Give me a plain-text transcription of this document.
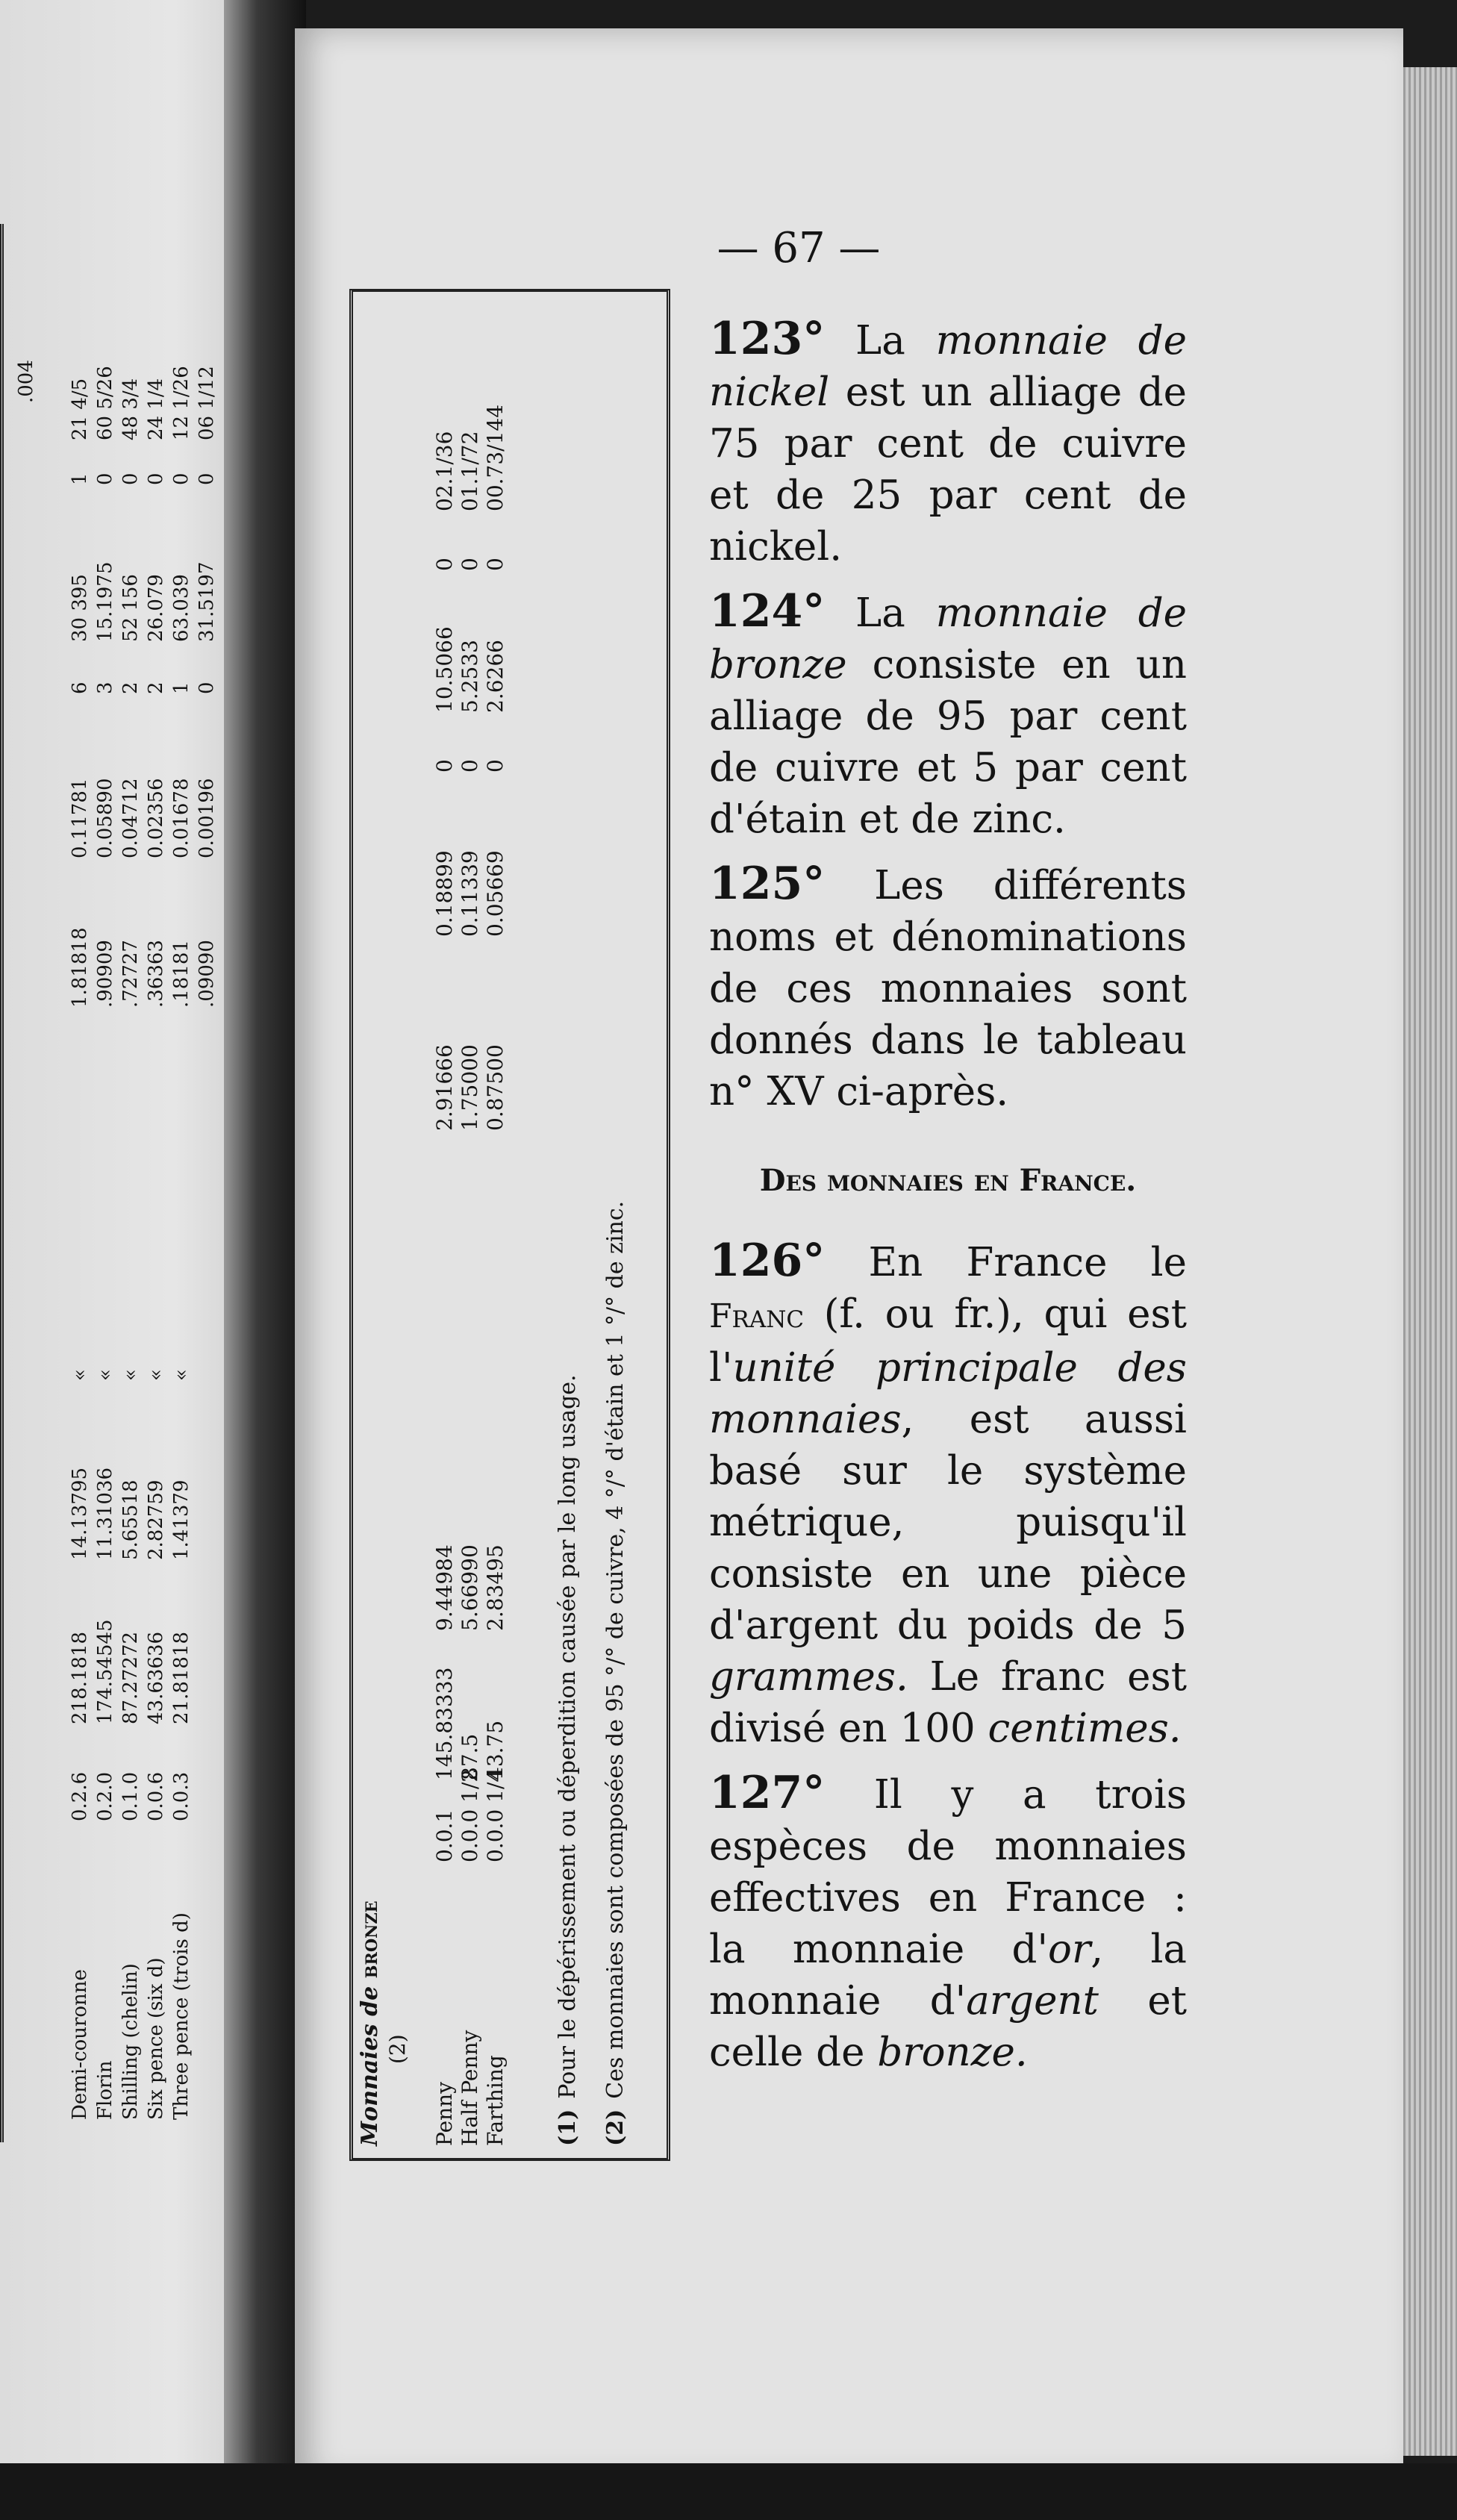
Demi-couronne
0.2.6
218.1818
14.13795
«
1.81818
0.11781
6
30 395
1
21 4/5
Florin
0.2.0
174.54545
11.31036
«
.90909
0.05890
3
15.1975
0
60 5/26
Shilling (chelin)
0.1.0
87.27272
5.65518
«
.72727
0.04712
2
52 156
0
48 3/4
Six pence (six d)
0.0.6
43.63636
2.82759
«
.36363
0.02356
2
26.079
0
24 1/4
Three pence (trois d)
0.0.3
21.81818
1.41379
«
.18181
0.01678
1
63.039
0
12 1/26
.09090
0.00196
0
31.5197
0
06 1/12
.004
Monnaies de bronze
(2)
Penny
0.0.1
145.83333
9.44984
2.91666
0.18899
0
10.5066
0
02.1/36
Half Penny
0.0.0 1/2
87.5
5.66990
1.75000
0.11339
0
5.2533
0
01.1/72
Farthing
0.0.0 1/4
43.75
2.83495
0.87500
0.05669
0
2.6266
0
00.73/144
(1)
Pour le dépérissement ou déperdition causée par le long usage.
(2)
Ces monnaies sont composées de 95 °/° de cuivre, 4 °/° d'étain et 1 °/° de zinc.
— 67 —

123° La monnaie de nickel est un alliage de 75 par cent de cuivre et de 25 par cent de nickel.

124° La monnaie de bronze consiste en un alliage de 95 par cent de cuivre et 5 par cent d'étain et de zinc.

125° Les différents noms et dénominations de ces monnaies sont donnés dans le tableau n° XV ci-après.

Des monnaies en France.

126° En France le Franc (f. ou fr.), qui est l'unité principale des monnaies, est aussi basé sur le système métrique, puisqu'il consiste en une pièce d'argent du poids de 5 grammes. Le franc est divisé en 100 centimes.

127° Il y a trois espèces de monnaies effectives en France : la monnaie d'or, la monnaie d'argent et celle de bronze.
